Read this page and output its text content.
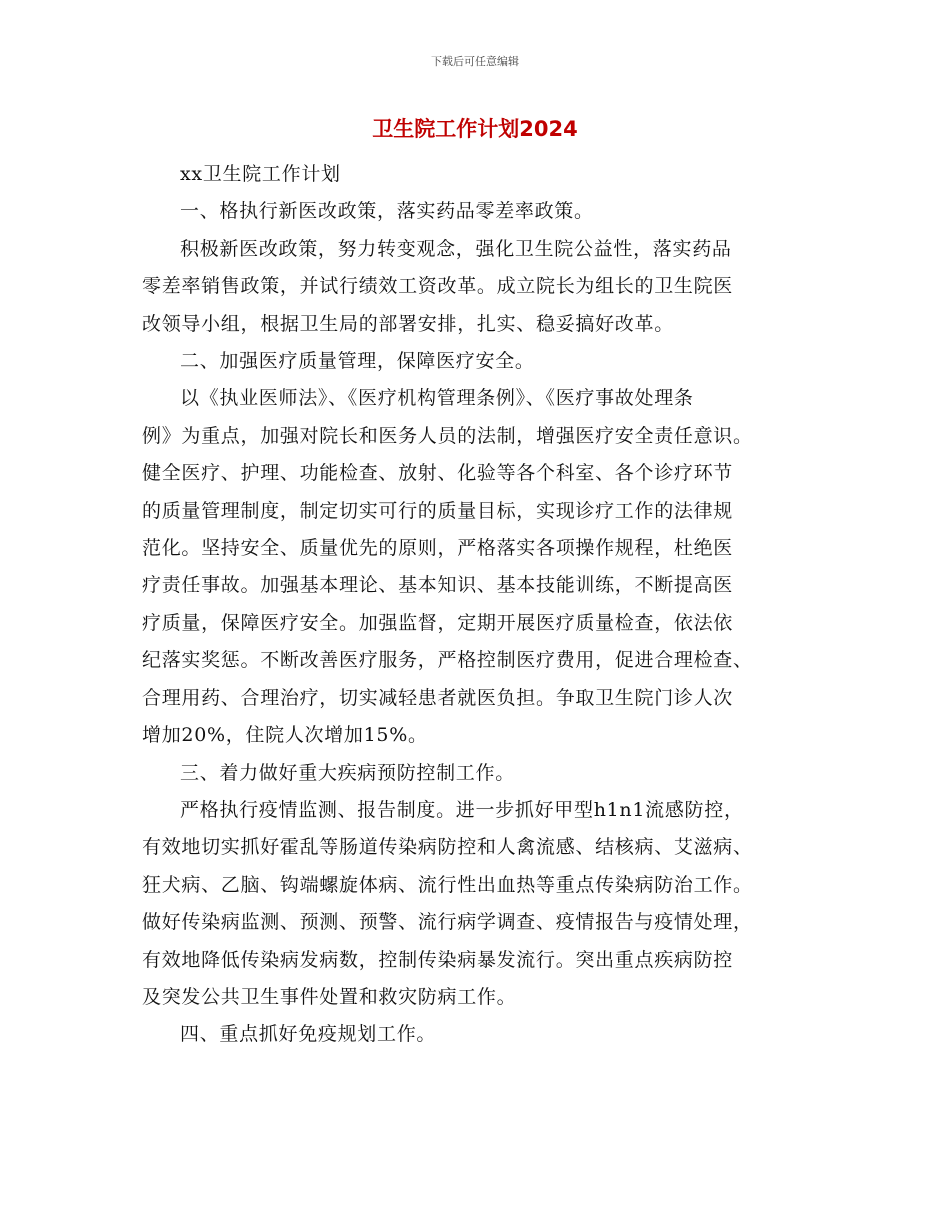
下载后可任意编辑
卫生院工作计划2024

xx卫生院工作计划

一、格执行新医改政策，落实药品零差率政策。

积极新医改政策，努力转变观念，强化卫生院公益性，落实药品
零差率销售政策，并试行绩效工资改革。成立院长为组长的卫生院医
改领导小组，根据卫生局的部署安排，扎实、稳妥搞好改革。

二、加强医疗质量管理，保障医疗安全。

以《执业医师法》、《医疗机构管理条例》、《医疗事故处理条
例》为重点，加强对院长和医务人员的法制，增强医疗安全责任意识。
健全医疗、护理、功能检查、放射、化验等各个科室、各个诊疗环节
的质量管理制度，制定切实可行的质量目标，实现诊疗工作的法律规
范化。坚持安全、质量优先的原则，严格落实各项操作规程，杜绝医
疗责任事故。加强基本理论、基本知识、基本技能训练，不断提高医
疗质量，保障医疗安全。加强监督，定期开展医疗质量检查，依法依
纪落实奖惩。不断改善医疗服务，严格控制医疗费用，促进合理检查、
合理用药、合理治疗，切实减轻患者就医负担。争取卫生院门诊人次
增加20%，住院人次增加15%。

三、着力做好重大疾病预防控制工作。

严格执行疫情监测、报告制度。进一步抓好甲型h1n1流感防控，
有效地切实抓好霍乱等肠道传染病防控和人禽流感、结核病、艾滋病、
狂犬病、乙脑、钩端螺旋体病、流行性出血热等重点传染病防治工作。
做好传染病监测、预测、预警、流行病学调查、疫情报告与疫情处理，
有效地降低传染病发病数，控制传染病暴发流行。突出重点疾病防控
及突发公共卫生事件处置和救灾防病工作。

四、重点抓好免疫规划工作。
